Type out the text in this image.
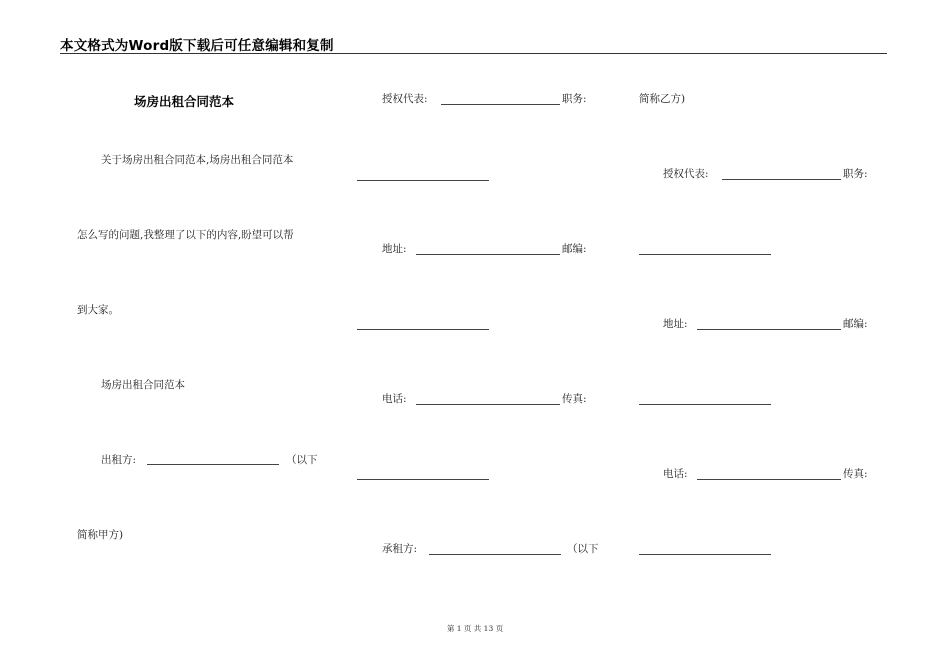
本文格式为Word版下载后可任意编辑和复制
场房出租合同范本
关于场房出租合同范本,场房出租合同范本
怎么写的问题,我整理了以下的内容,盼望可以帮
到大家。
场房出租合同范本
出租方:	（以下
简称甲方)
授权代表:	职务:
地址:	邮编:
电话:	传真:
承租方:	（以下
简称乙方)
授权代表:	职务:
地址:	邮编:
电话:	传真:
第 1 页 共 13 页
